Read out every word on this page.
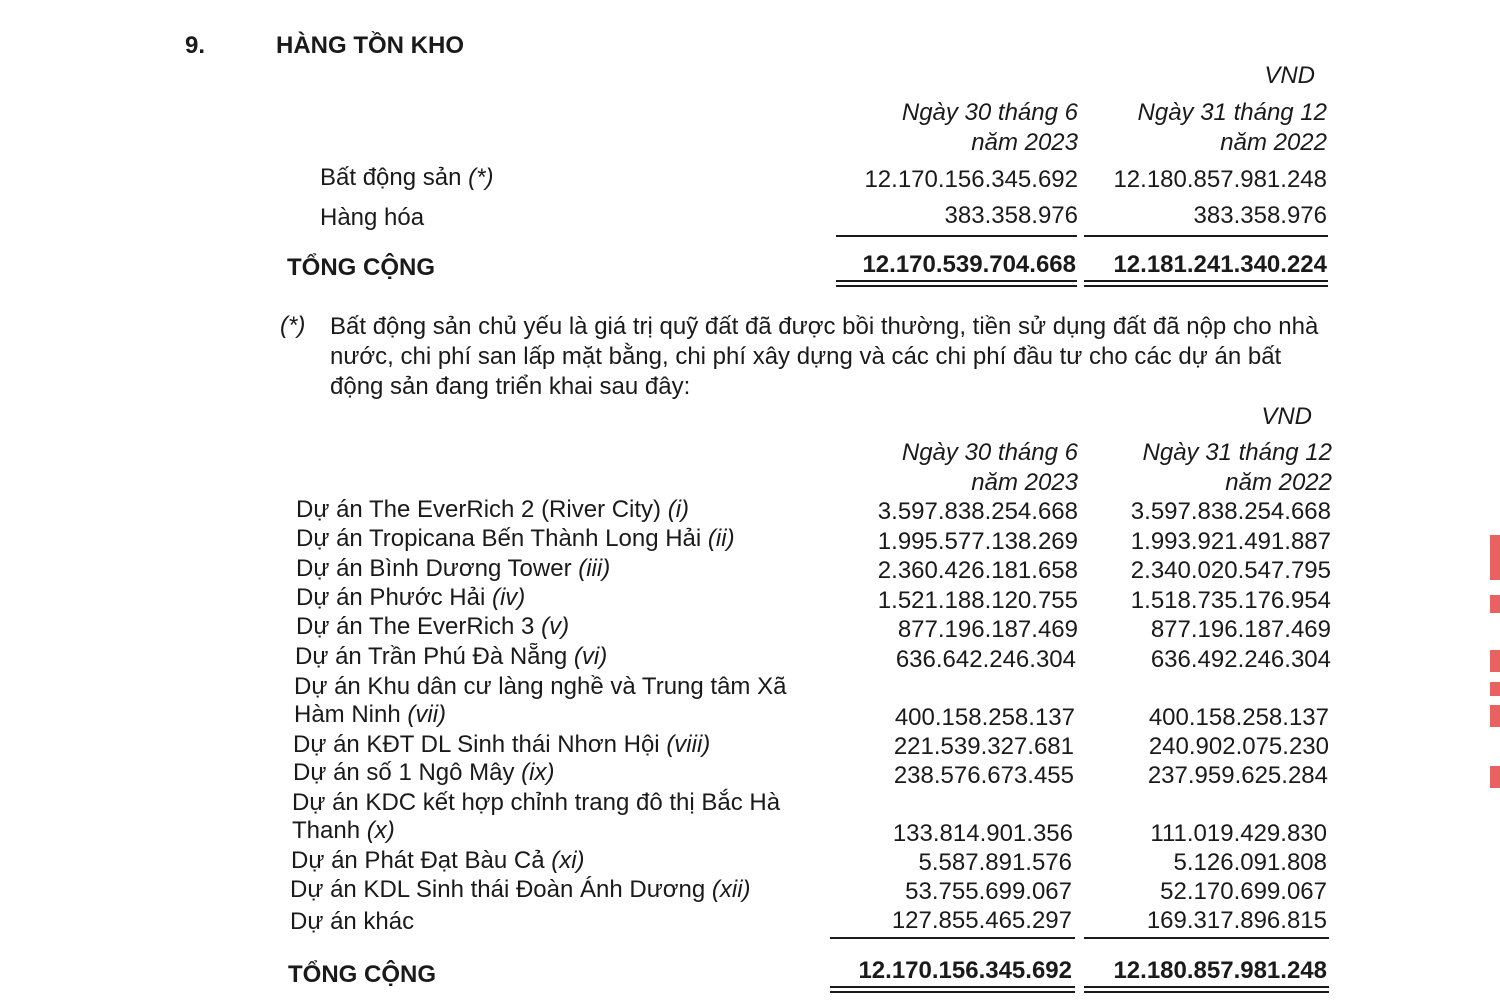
9.	HÀNG TỒN KHO
VND
Ngày 30 tháng 6
năm 2023
Ngày 31 tháng 12
năm 2022
Bất động sản (*)	12.170.156.345.692	12.180.857.981.248
Hàng hóa	383.358.976	383.358.976
TỔNG CỘNG	12.170.539.704.668	12.181.241.340.224
(*) Bất động sản chủ yếu là giá trị quỹ đất đã được bồi thường, tiền sử dụng đất đã nộp cho nhà nước, chi phí san lấp mặt bằng, chi phí xây dựng và các chi phí đầu tư cho các dự án bất động sản đang triển khai sau đây:
VND
Ngày 30 tháng 6
năm 2023
Ngày 31 tháng 12
năm 2022
Dự án The EverRich 2 (River City) (i)	3.597.838.254.668	3.597.838.254.668
Dự án Tropicana Bến Thành Long Hải (ii)	1.995.577.138.269	1.993.921.491.887
Dự án Bình Dương Tower (iii)	2.360.426.181.658	2.340.020.547.795
Dự án Phước Hải (iv)	1.521.188.120.755	1.518.735.176.954
Dự án The EverRich 3 (v)	877.196.187.469	877.196.187.469
Dự án Trần Phú Đà Nẵng (vi)	636.642.246.304	636.492.246.304
Dự án Khu dân cư làng nghề và Trung tâm Xã
Hàm Ninh (vii)	400.158.258.137	400.158.258.137
Dự án KĐT DL Sinh thái Nhơn Hội (viii)	221.539.327.681	240.902.075.230
Dự án số 1 Ngô Mây (ix)	238.576.673.455	237.959.625.284
Dự án KDC kết hợp chỉnh trang đô thị Bắc Hà
Thanh (x)	133.814.901.356	111.019.429.830
Dự án Phát Đạt Bàu Cả (xi)	5.587.891.576	5.126.091.808
Dự án KDL Sinh thái Đoàn Ánh Dương (xii)	53.755.699.067	52.170.699.067
Dự án khác	127.855.465.297	169.317.896.815
TỔNG CỘNG	12.170.156.345.692	12.180.857.981.248
